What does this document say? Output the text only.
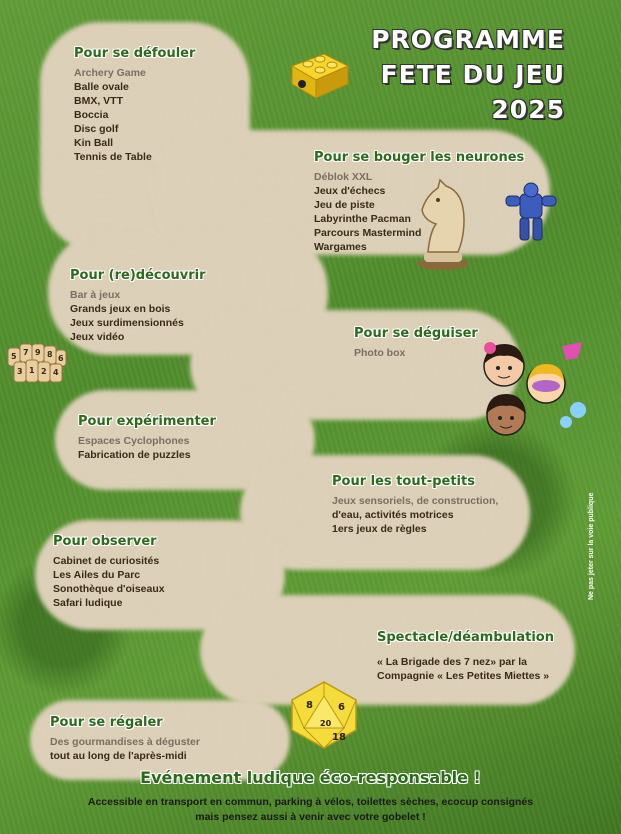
PROGRAMME
FETE DU JEU
2025
Pour se défouler
Archery Game
Balle ovale
BMX, VTT
Boccia
Disc golf
Kin Ball
Tennis de Table	Pour se bouger les neurones
Déblok XXL
Jeux d'échecs
Jeu de piste
Labyrinthe Pacman
Parcours Mastermind
Wargames
Pour (re)découvrir
Bar à jeux
Grands jeux en bois
Jeux surdimensionnés
Jeux vidéo	Pour se déguiser
Photo box
Pour expérimenter
Espaces Cyclophones
Fabrication de puzzles
Pour les tout-petits
Jeux sensoriels, de construction,
d'eau, activités motrices
1ers jeux de règles
Pour observer
Cabinet de curiosités
Les Ailes du Parc
Sonothèque d'oiseaux
Safari ludique
Spectacle/déambulation
« La Brigade des 7 nez» par la
Compagnie « Les Petites Miettes »
Pour se régaler
Des gourmandises à déguster
tout au long de l'après-midi
5 7 9 8 6
3 1 2 4
8	6
20
18
Evénement ludique éco-responsable !
Accessible en transport en commun, parking à vélos, toilettes sèches, ecocup consignés
mais pensez aussi à venir avec votre gobelet !
Ne pas jeter sur la voie publique
